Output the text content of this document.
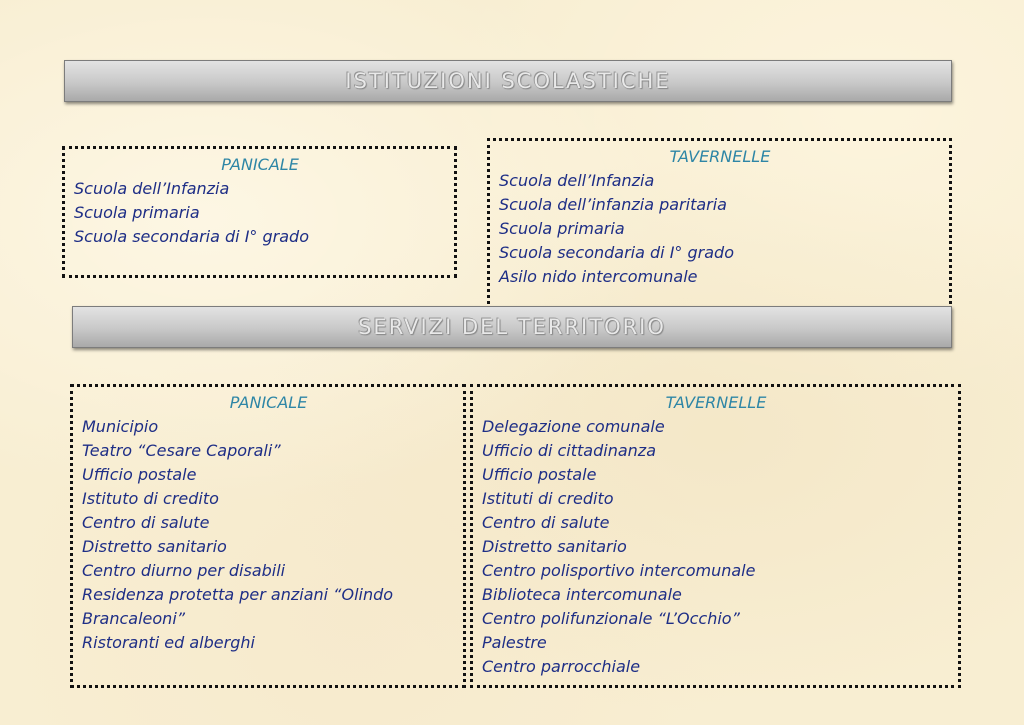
ISTITUZIONI SCOLASTICHE
PANICALE
Scuola dell’Infanzia
Scuola primaria
Scuola secondaria di I° grado
TAVERNELLE
Scuola dell’Infanzia
Scuola dell’infanzia paritaria
Scuola primaria
Scuola secondaria di I° grado
Asilo nido intercomunale
SERVIZI DEL TERRITORIO
PANICALE
Municipio
Teatro “Cesare Caporali”
Ufficio postale
Istituto di credito
Centro di salute
Distretto sanitario
Centro diurno per disabili
Residenza protetta per anziani “Olindo
Brancaleoni”
Ristoranti ed alberghi
TAVERNELLE
Delegazione comunale
Ufficio di cittadinanza
Ufficio postale
Istituti di credito
Centro di salute
Distretto sanitario
Centro polisportivo intercomunale
Biblioteca intercomunale
Centro polifunzionale “L’Occhio”
Palestre
Centro parrocchiale
